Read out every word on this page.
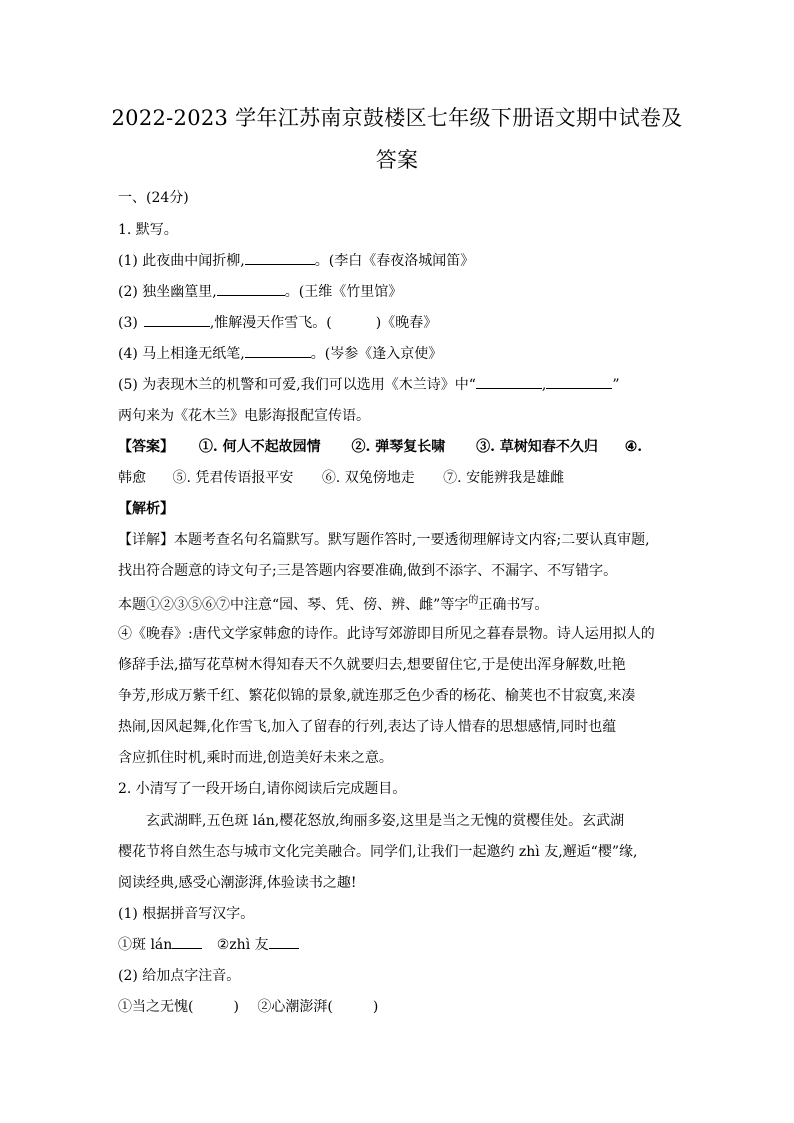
2022-2023 学年江苏南京鼓楼区七年级下册语文期中试卷及
答案
一、(24分)
1. 默写。
(1) 此夜曲中闻折柳,	。(李白《春夜洛城闻笛》
(2) 独坐幽篁里,	。(王维《竹里馆》
(3)	,惟解漫天作雪飞。(	)《晚春》
(4) 马上相逢无纸笔,	。(岑参《逢入京使》
(5) 为表现木兰的机警和可爱,我们可以选用《木兰诗》中“	,	”
两句来为《花木兰》电影海报配宣传语。
【答案】 ①. 何人不起故园情 ②. 弹琴复长啸 ③. 草树知春不久归 ④.
韩愈 ⑤. 凭君传语报平安 ⑥. 双兔傍地走 ⑦. 安能辨我是雄雌
【解析】
【详解】本题考查名句名篇默写。默写题作答时,一要透彻理解诗文内容;二要认真审题,
找出符合题意的诗文句子;三是答题内容要准确,做到不添字、不漏字、不写错字。
本题①②③⑤⑥⑦中注意“园、琴、凭、傍、辨、雌”等字$^的$正确书写。
④《晚春》:唐代文学家韩愈的诗作。此诗写郊游即目所见之暮春景物。诗人运用拟人的
修辞手法,描写花草树木得知春天不久就要归去,想要留住它,于是使出浑身解数,吐艳
争芳,形成万紫千红、繁花似锦的景象,就连那乏色少香的杨花、榆荚也不甘寂寞,来凑
热闹,因风起舞,化作雪飞,加入了留春的行列,表达了诗人惜春的思想感情,同时也蕴
含应抓住时机,乘时而进,创造美好未来之意。
2. 小清写了一段开场白,请你阅读后完成题目。
玄武湖畔,五色斑 lán,樱花怒放,绚丽多姿,这里是当之无愧的赏樱佳处。玄武湖
樱花节将自然生态与城市文化完美融合。同学们,让我们一起邀约 zhì 友,邂逅“樱”缘,
阅读经典,感受心潮澎湃,体验读书之趣!
(1) 根据拼音写汉字。
①斑 lán	②zhì 友
(2) 给加点字注音。
①当之无愧(	) ②心潮澎湃(	)
